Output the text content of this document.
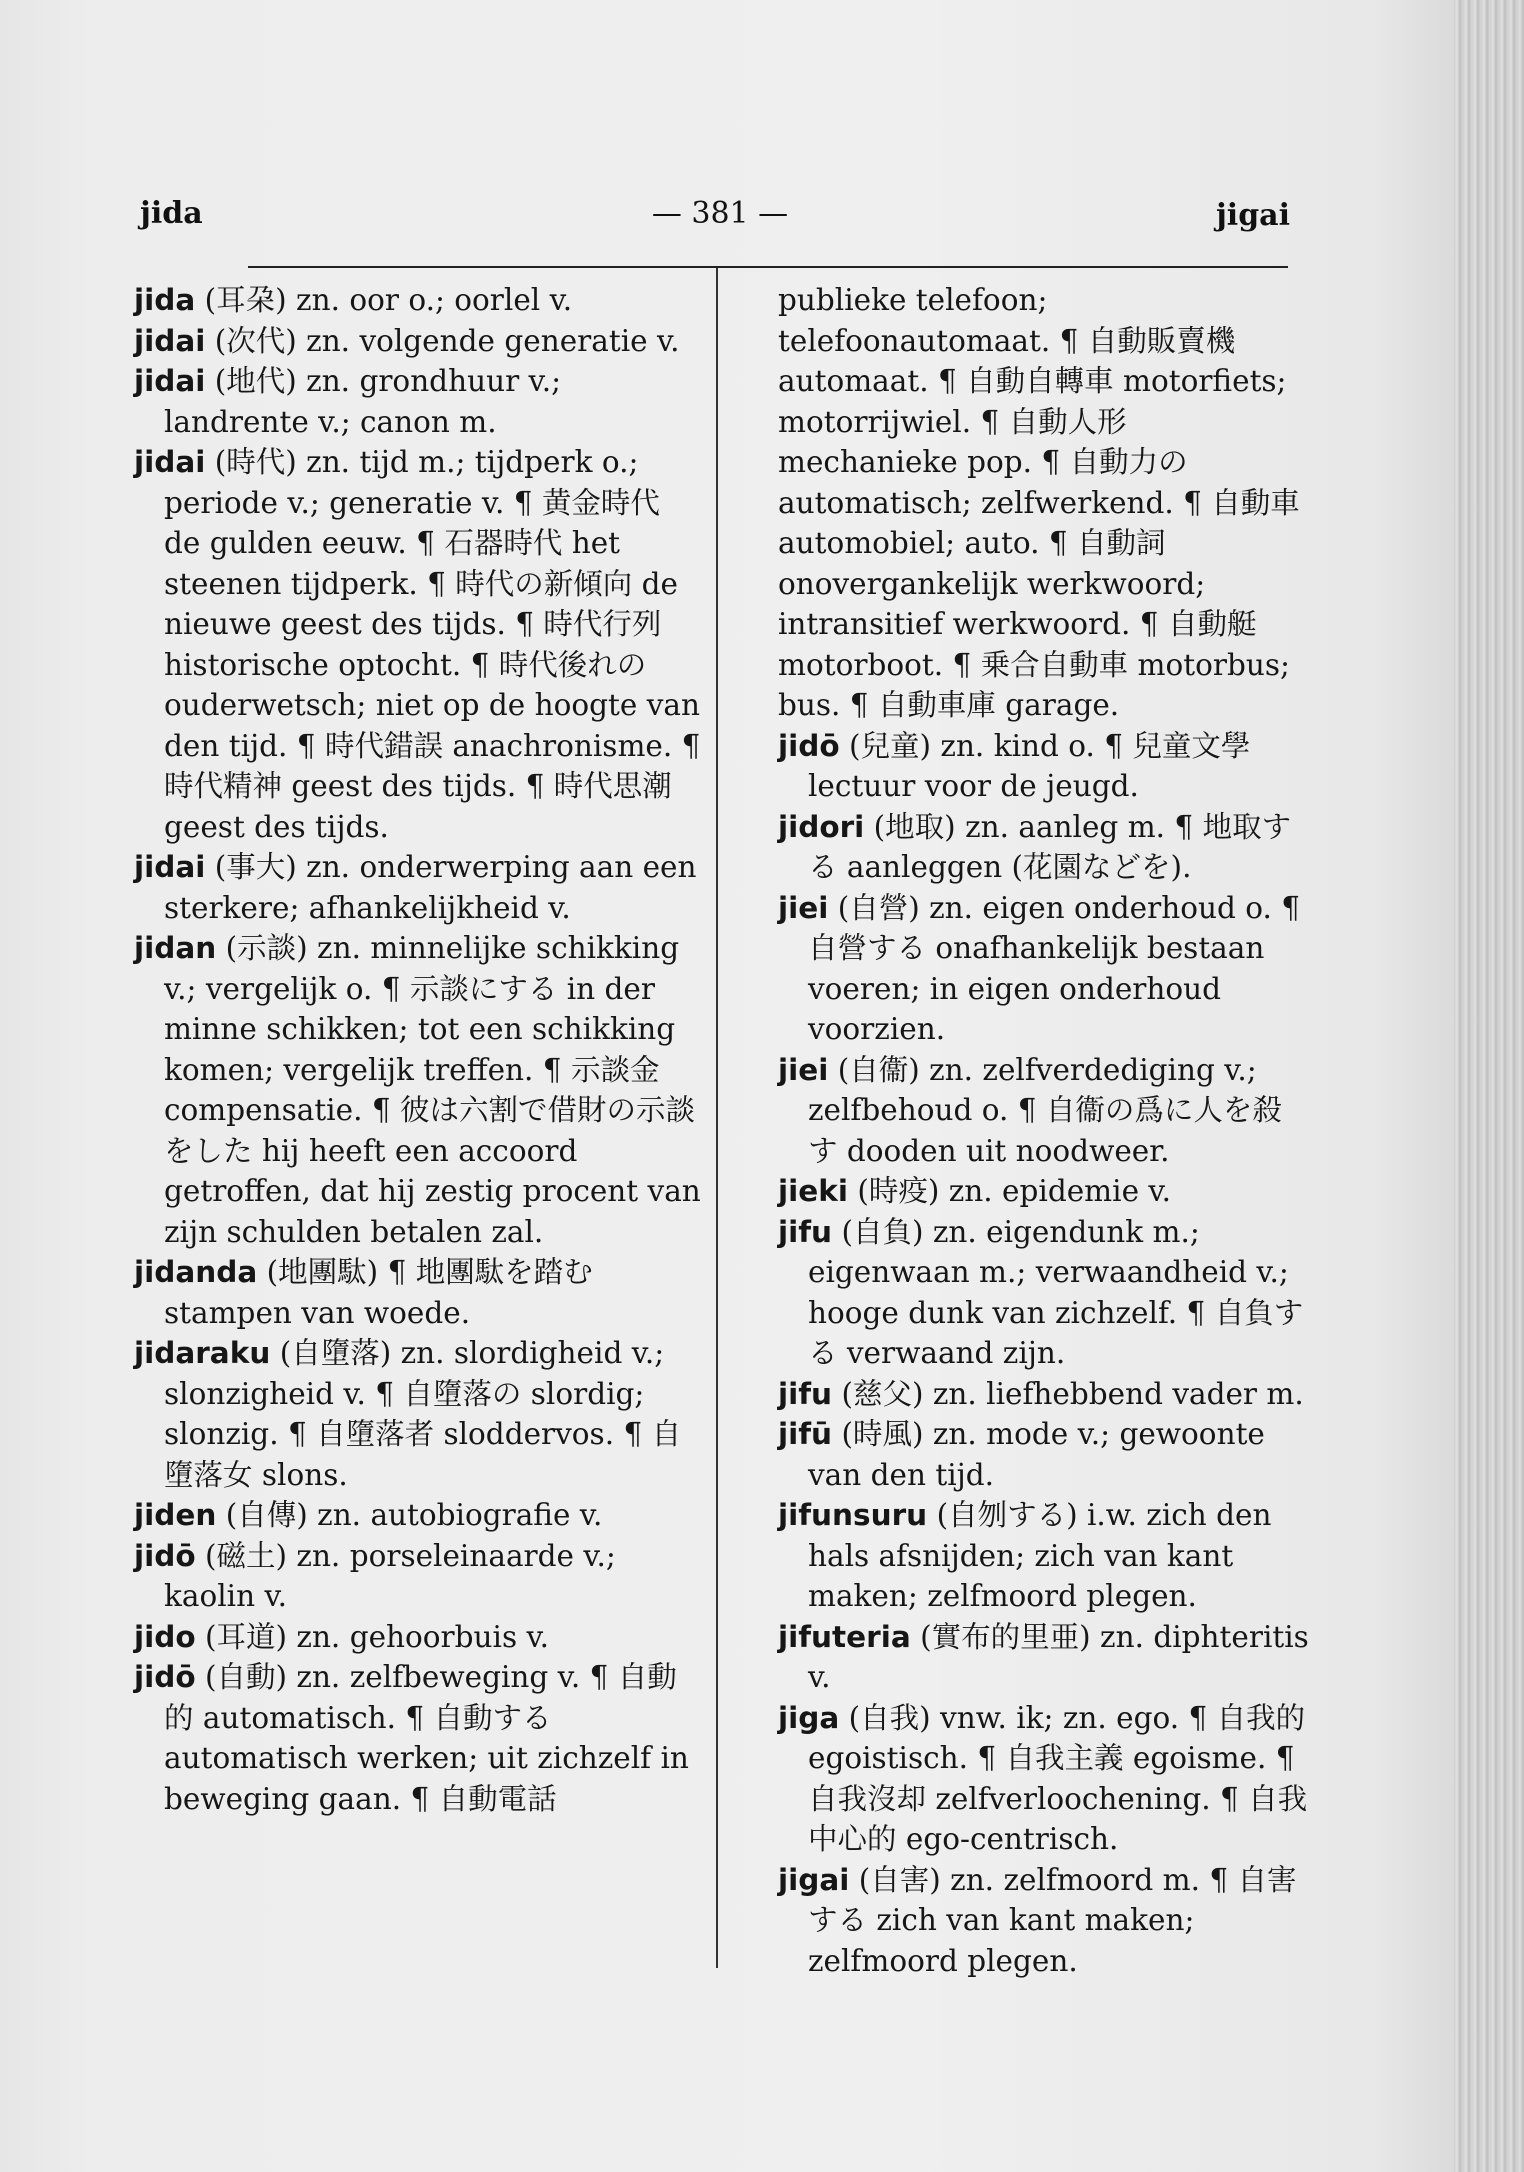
jida	— 381 —	jigai

jida (耳朶) zn. oor o.; oorlel v.

jidai (次代) zn. volgende generatie v.

jidai (地代) zn. grondhuur v.; landrente v.; canon m.

jidai (時代) zn. tijd m.; tijdperk o.; periode v.; generatie v. ¶ 黄金時代 de gulden eeuw. ¶ 石器時代 het steenen tijdperk. ¶ 時代の新傾向 de nieuwe geest des tijds. ¶ 時代行列 historische optocht. ¶ 時代後れの ouderwetsch; niet op de hoogte van den tijd. ¶ 時代錯誤 anachronisme. ¶ 時代精神 geest des tijds. ¶ 時代思潮 geest des tijds.

jidai (事大) zn. onderwerping aan een sterkere; afhankelijkheid v.

jidan (示談) zn. minnelijke schikking v.; vergelijk o. ¶ 示談にする in der minne schikken; tot een schikking komen; vergelijk treffen. ¶ 示談金 compensatie. ¶ 彼は六割で借財の示談をした hij heeft een accoord getroffen, dat hij zestig procent van zijn schulden betalen zal.

jidanda (地團駄) ¶ 地團駄を踏む stampen van woede.

jidaraku (自墮落) zn. slordigheid v.; slonzigheid v. ¶ 自墮落の slordig; slonzig. ¶ 自墮落者 sloddervos. ¶ 自墮落女 slons.

jiden (自傳) zn. autobiografie v.

jidō (磁土) zn. porseleinaarde v.; kaolin v.

jido (耳道) zn. gehoorbuis v.

jidō (自動) zn. zelfbeweging v. ¶ 自動的 automatisch. ¶ 自動する automatisch werken; uit zichzelf in beweging gaan. ¶ 自動電話

publieke telefoon; telefoonautomaat. ¶ 自動販賣機 automaat. ¶ 自動自轉車 motorfiets; motorrijwiel. ¶ 自動人形 mechanieke pop. ¶ 自動力の automatisch; zelfwerkend. ¶ 自動車 automobiel; auto. ¶ 自動詞 onovergankelijk werkwoord; intransitief werkwoord. ¶ 自動艇 motorboot. ¶ 乗合自動車 motorbus; bus. ¶ 自動車庫 garage.

jidō (兒童) zn. kind o. ¶ 兒童文學 lectuur voor de jeugd.

jidori (地取) zn. aanleg m. ¶ 地取する aanleggen (花園などを).

jiei (自營) zn. eigen onderhoud o. ¶ 自營する onafhankelijk bestaan voeren; in eigen onderhoud voorzien.

jiei (自衞) zn. zelfverdediging v.; zelfbehoud o. ¶ 自衞の爲に人を殺す dooden uit noodweer.

jieki (時疫) zn. epidemie v.

jifu (自負) zn. eigendunk m.; eigenwaan m.; verwaandheid v.; hooge dunk van zichzelf. ¶ 自負する verwaand zijn.

jifu (慈父) zn. liefhebbend vader m.

jifū (時風) zn. mode v.; gewoonte van den tijd.

jifunsuru (自刎する) i.w. zich den hals afsnijden; zich van kant maken; zelfmoord plegen.

jifuteria (實布的里亜) zn. diphteritis v.

jiga (自我) vnw. ik; zn. ego. ¶ 自我的 egoistisch. ¶ 自我主義 egoisme. ¶ 自我沒却 zelfverloochening. ¶ 自我中心的 ego-centrisch.

jigai (自害) zn. zelfmoord m. ¶ 自害する zich van kant maken; zelfmoord plegen.
